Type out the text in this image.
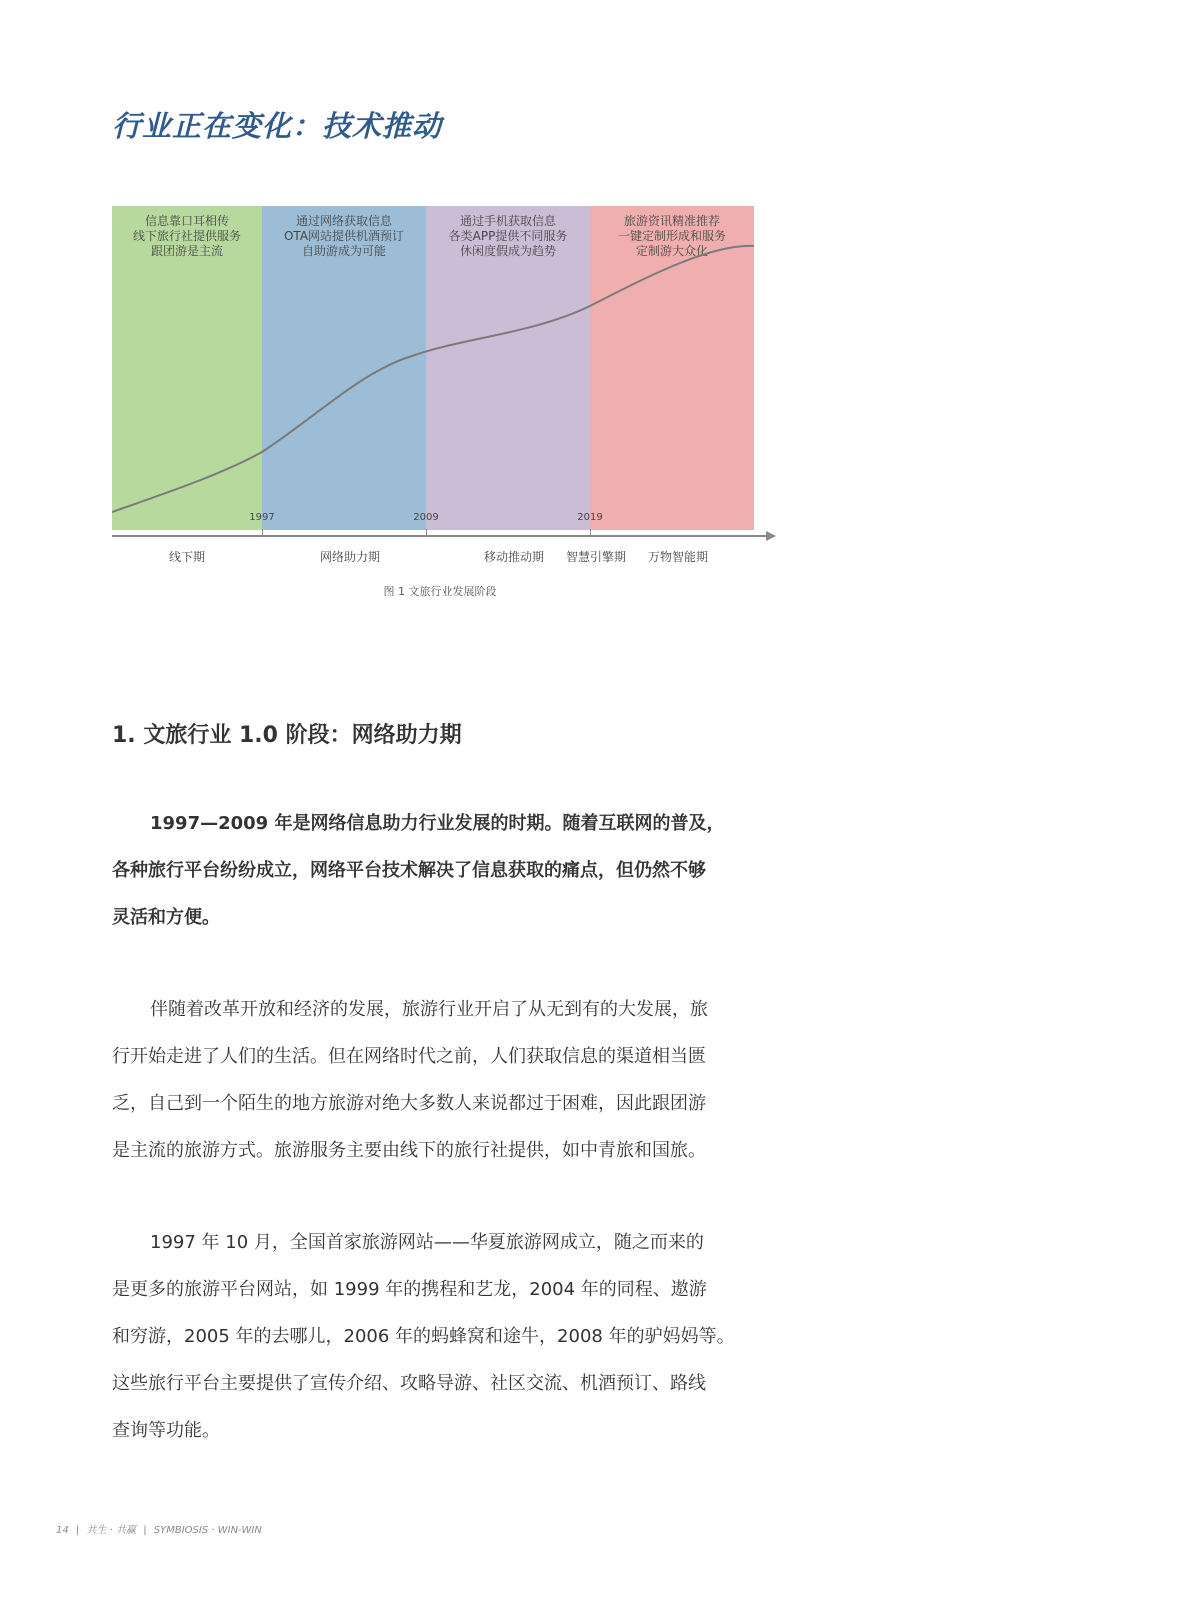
行业正在变化：技术推动
信息靠口耳相传
线下旅行社提供服务
跟团游是主流
通过网络获取信息
OTA网站提供机酒预订
自助游成为可能
通过手机获取信息
各类APP提供不同服务
休闲度假成为趋势
旅游资讯精准推荐
一键定制形成和服务
定制游大众化
1997	2009	2019
线下期	网络助力期	移动推动期 智慧引擎期 万物智能期
图 1 文旅行业发展阶段
1. 文旅行业 1.0 阶段：网络助力期
1997—2009 年是网络信息助力行业发展的时期。随着互联网的普及，
各种旅行平台纷纷成立，网络平台技术解决了信息获取的痛点，但仍然不够
灵活和方便。
伴随着改革开放和经济的发展，旅游行业开启了从无到有的大发展，旅
行开始走进了人们的生活。但在网络时代之前，人们获取信息的渠道相当匮
乏，自己到一个陌生的地方旅游对绝大多数人来说都过于困难，因此跟团游
是主流的旅游方式。旅游服务主要由线下的旅行社提供，如中青旅和国旅。
1997 年 10 月，全国首家旅游网站——华夏旅游网成立，随之而来的
是更多的旅游平台网站，如 1999 年的携程和艺龙，2004 年的同程、遨游
和穷游，2005 年的去哪儿，2006 年的蚂蜂窝和途牛，2008 年的驴妈妈等。
这些旅行平台主要提供了宣传介绍、攻略导游、社区交流、机酒预订、路线
查询等功能。
14 | 共生 · 共赢 | SYMBIOSIS · WIN-WIN
